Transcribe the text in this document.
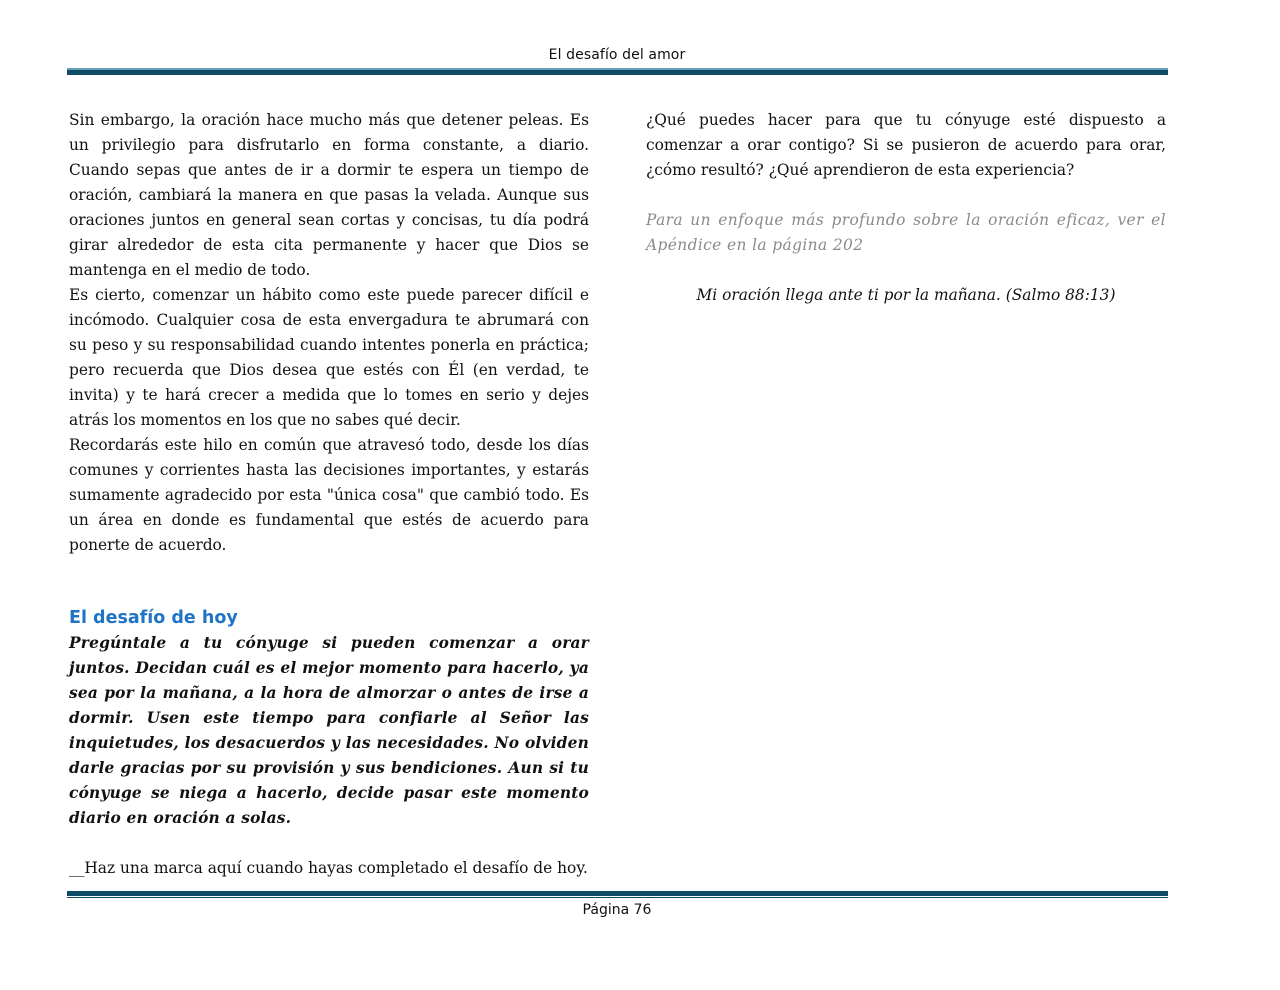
El desafío del amor

Sin embargo, la oración hace mucho más que detener peleas. Es un privilegio para disfrutarlo en forma constante, a diario. Cuando sepas que antes de ir a dormir te espera un tiempo de oración, cambiará la manera en que pasas la velada. Aunque sus oraciones juntos en general sean cortas y concisas, tu día podrá girar alrededor de esta cita permanente y hacer que Dios se mantenga en el medio de todo.

Es cierto, comenzar un hábito como este puede parecer difícil e incómodo. Cualquier cosa de esta envergadura te abrumará con su peso y su responsabilidad cuando intentes ponerla en práctica; pero recuerda que Dios desea que estés con Él (en verdad, te invita) y te hará crecer a medida que lo tomes en serio y dejes atrás los momentos en los que no sabes qué decir.

Recordarás este hilo en común que atravesó todo, desde los días comunes y corrientes hasta las decisiones importantes, y estarás sumamente agradecido por esta "única cosa" que cambió todo. Es un área en donde es fundamental que estés de acuerdo para ponerte de acuerdo.

El desafío de hoy

Pregúntale a tu cónyuge si pueden comenzar a orar juntos. Decidan cuál es el mejor momento para hacerlo, ya sea por la mañana, a la hora de almorzar o antes de irse a dormir. Usen este tiempo para confiarle al Señor las inquietudes, los desacuerdos y las necesidades. No olviden darle gracias por su provisión y sus bendiciones. Aun si tu cónyuge se niega a hacerlo, decide pasar este momento diario en oración a solas.

__Haz una marca aquí cuando hayas completado el desafío de hoy.

¿Qué puedes hacer para que tu cónyuge esté dispuesto a comenzar a orar contigo? Si se pusieron de acuerdo para orar, ¿cómo resultó? ¿Qué aprendieron de esta experiencia?

Para un enfoque más profundo sobre la oración eficaz, ver el Apéndice en la página 202

Mi oración llega ante ti por la mañana. (Salmo 88:13)

Página 76
